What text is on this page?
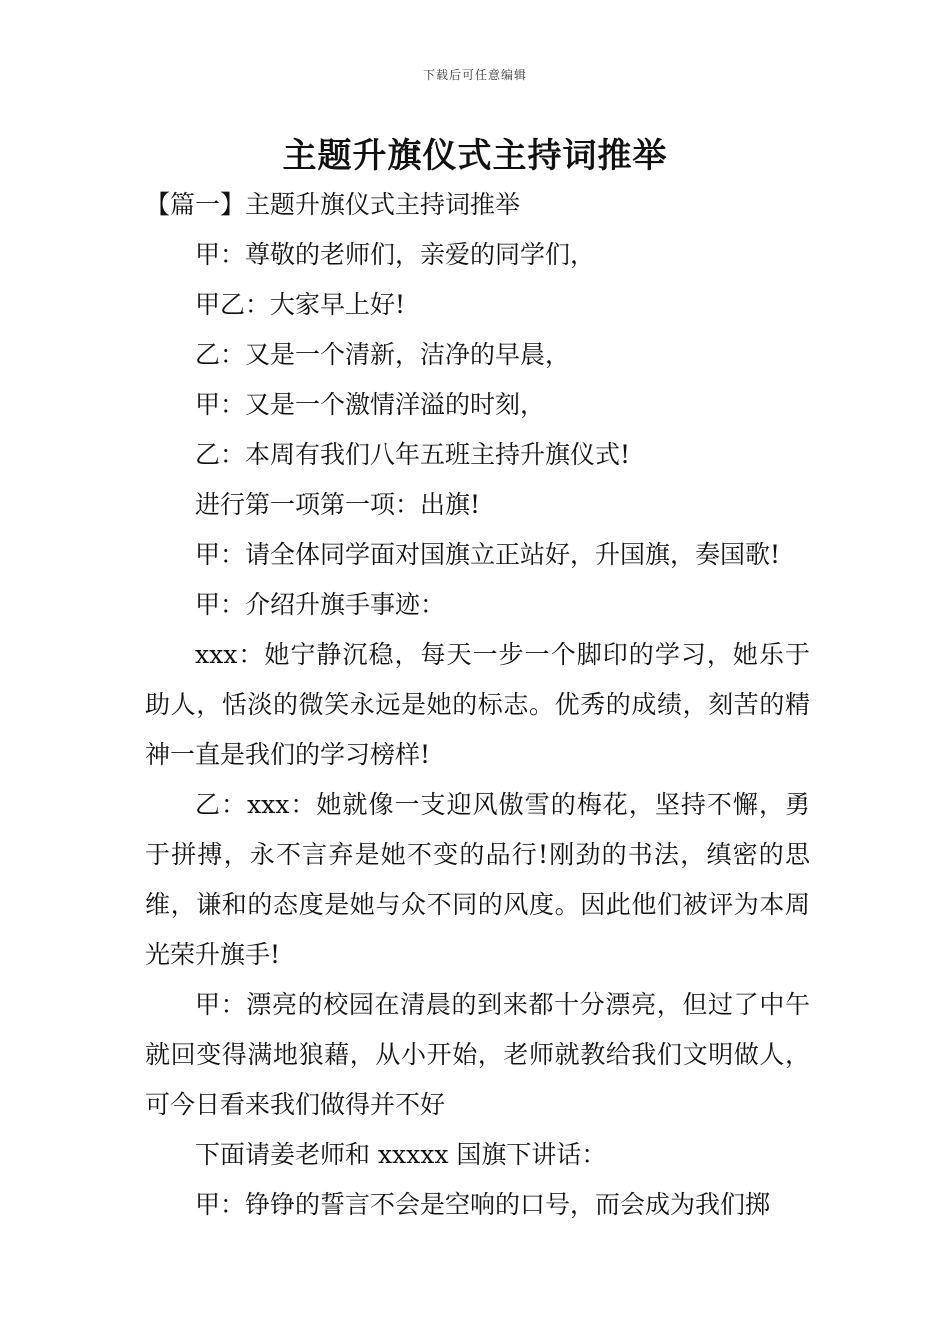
下载后可任意编辑
主题升旗仪式主持词推举

【篇一】主题升旗仪式主持词推举

甲：尊敬的老师们，亲爱的同学们，

甲乙：大家早上好!

乙：又是一个清新，洁净的早晨，

甲：又是一个激情洋溢的时刻，

乙：本周有我们八年五班主持升旗仪式!

进行第一项第一项：出旗!

甲：请全体同学面对国旗立正站好，升国旗，奏国歌!

甲：介绍升旗手事迹：

xxx：她宁静沉稳，每天一步一个脚印的学习，她乐于助人，恬淡的微笑永远是她的标志。优秀的成绩，刻苦的精神一直是我们的学习榜样!

乙：xxx：她就像一支迎风傲雪的梅花，坚持不懈，勇于拼搏，永不言弃是她不变的品行!刚劲的书法，缜密的思维，谦和的态度是她与众不同的风度。因此他们被评为本周光荣升旗手!

甲：漂亮的校园在清晨的到来都十分漂亮，但过了中午就回变得满地狼藉，从小开始，老师就教给我们文明做人，可今日看来我们做得并不好

下面请姜老师和 xxxxx 国旗下讲话：

甲：铮铮的誓言不会是空响的口号，而会成为我们掷
